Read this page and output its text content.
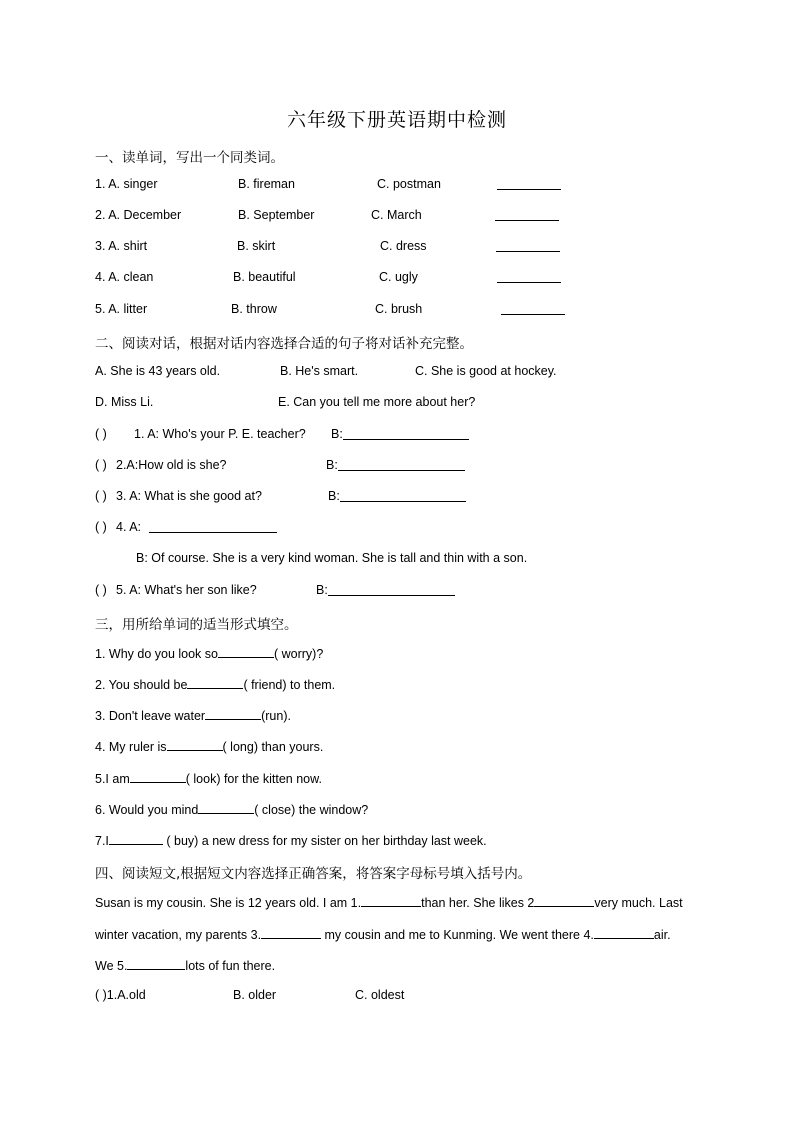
六年级下册英语期中检测
一、读单词，写出一个同类词。
1. A. singer	B. fireman	C. postman
2. A. December	B. September	C. March
3. A. shirt	B. skirt	C. dress
4. A. clean	B. beautiful	C. ugly
5. A. litter	B. throw	C. brush
二、阅读对话，根据对话内容选择合适的句子将对话补充完整。
A. She is 43 years old.	B. He's smart.	C. She is good at hockey.
D. Miss Li.	E. Can you tell me more about her?
( ) 1. A: Who's your P. E. teacher? B:
( ) 2.A:How old is she?	B:
( ) 3. A: What is she good at?	B:
( ) 4. A:
B: Of course. She is a very kind woman. She is tall and thin with a son.
( ) 5. A: What's her son like?	B:
三，用所给单词的适当形式填空。
1. Why do you look so	( worry)?
2. You should be	( friend) to them.
3. Don't leave water	(run).
4. My ruler is	( long) than yours.
5.I am	( look) for the kitten now.
6. Would you mind	( close) the window?
7.I	( buy) a new dress for my sister on her birthday last week.
四、阅读短文,根据短文内容选择正确答案，将答案字母标号填入括号内。
Susan is my cousin. She is 12 years old. I am 1.	than her. She likes 2	very much. Last
winter vacation, my parents 3.	my cousin and me to Kunming. We went there 4.	air.
We 5.	lots of fun there.
( )1.A.old	B. older	C. oldest
